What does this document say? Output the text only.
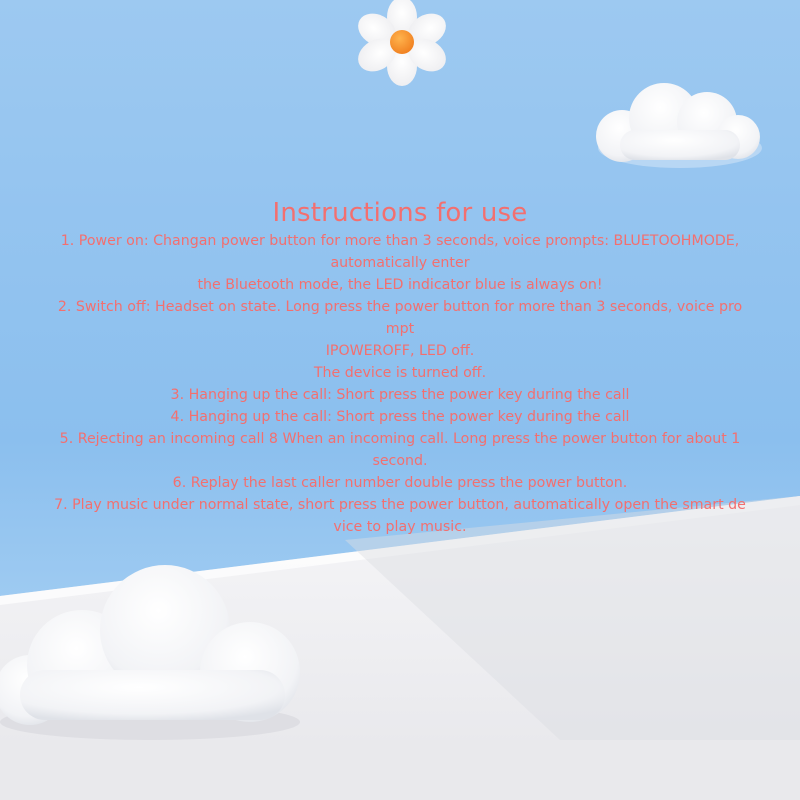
Instructions for use

1. Power on: Changan power button for more than 3 seconds, voice prompts: BLUETOOHMODE,

automatically enter

the Bluetooth mode, the LED indicator blue is always on!

2. Switch off: Headset on state. Long press the power button for more than 3 seconds, voice pro

mpt

IPOWEROFF, LED off.

The device is turned off.

3. Hanging up the call: Short press the power key during the call

4. Hanging up the call: Short press the power key during the call

5. Rejecting an incoming call 8 When an incoming call. Long press the power button for about 1

second.

6. Replay the last caller number double press the power button.

7. Play music under normal state, short press the power button, automatically open the smart de

vice to play music.
